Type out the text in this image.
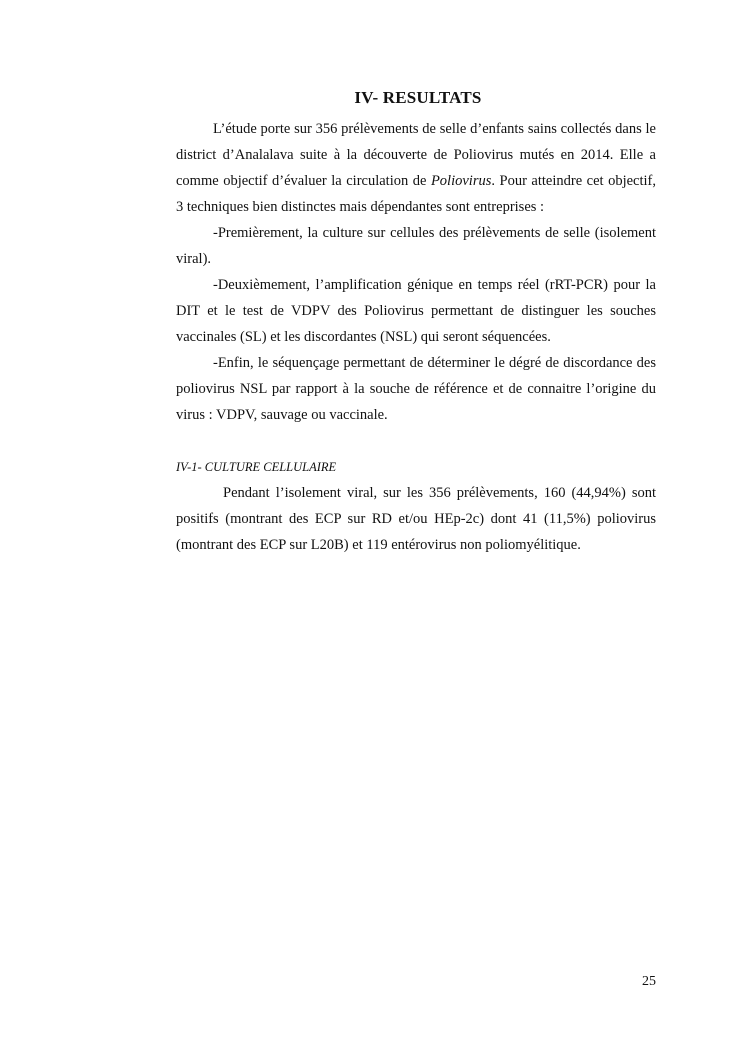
IV- RESULTATS

L’étude porte sur 356 prélèvements de selle d’enfants sains collectés dans le district d’Analalava suite à la découverte de Poliovirus mutés en 2014. Elle a comme objectif d’évaluer la circulation de Poliovirus. Pour atteindre cet objectif, 3 techniques bien distinctes mais dépendantes sont entreprises :

-Premièrement, la culture sur cellules des prélèvements de selle (isolement viral).

-Deuxièmement, l’amplification génique en temps réel (rRT-PCR) pour la DIT et le test de VDPV des Poliovirus permettant de distinguer les souches vaccinales (SL) et les discordantes (NSL) qui seront séquencées.

-Enfin, le séquençage permettant de déterminer le dégré de discordance des poliovirus NSL par rapport à la souche de référence et de connaitre l’origine du virus : VDPV, sauvage ou vaccinale.

IV-1- CULTURE CELLULAIRE

Pendant l’isolement viral, sur les 356 prélèvements, 160 (44,94%) sont positifs (montrant des ECP sur RD et/ou HEp-2c) dont 41 (11,5%) poliovirus (montrant des ECP sur L20B) et 119 entérovirus non poliomyélitique.

25
